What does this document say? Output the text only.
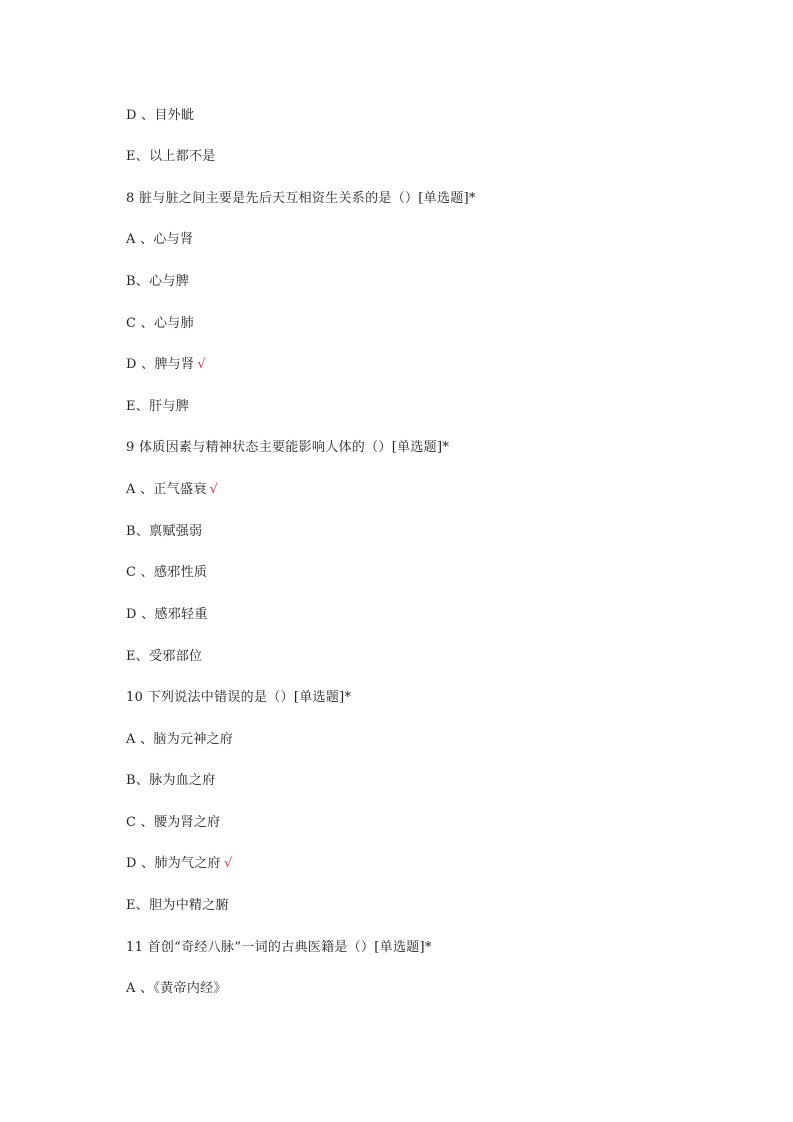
D 、目外眦
E、以上都不是
8 脏与脏之间主要是先后天互相资生关系的是（）[单选题]*
A 、心与肾
B、心与脾
C 、心与肺
D 、脾与肾 √
E、肝与脾
9 体质因素与精神状态主要能影响人体的（）[单选题]*
A 、正气盛衰 √
B、禀赋强弱
C 、感邪性质
D 、感邪轻重
E、受邪部位
10 下列说法中错误的是（）[单选题]*
A 、脑为元神之府
B、脉为血之府
C 、腰为肾之府
D 、肺为气之府 √
E、胆为中精之腑
11 首创“奇经八脉”一词的古典医籍是（）[单选题]*
A 、《黄帝内经》
